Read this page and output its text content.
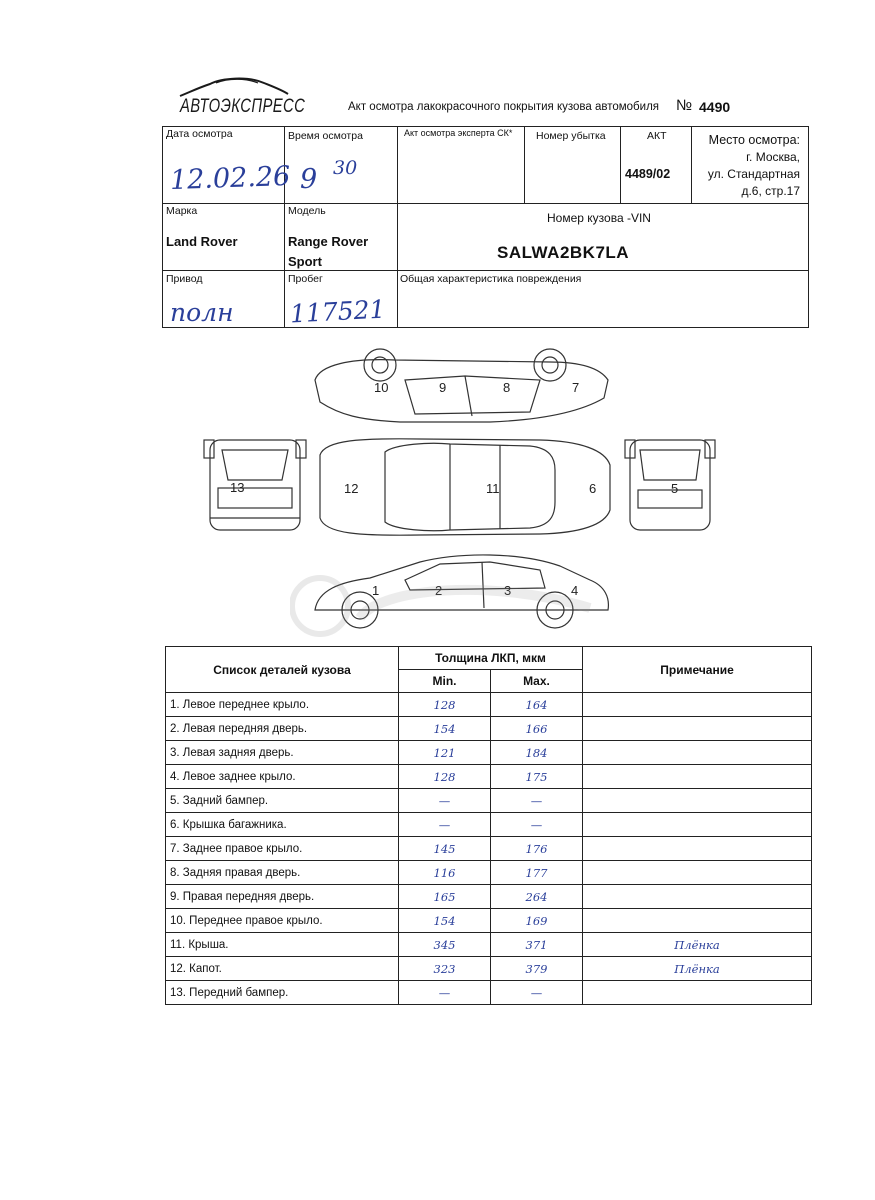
АВТОЭКСПРЕСС	Акт осмотра лакокрасочного покрытия кузова автомобиля № 4490
Дата осмотра
12.02.26
Время осмотра
9 30
Акт осмотра эксперта СК* Номер убытка	АКТ
4489/02
Место осмотра:
г. Москва,
ул. Стандартная
д.6, стр.17
Марка
Land Rover
Модель
Range Rover
Sport
Номер кузова -VIN
SALWA2BK7LA
Привод
полн
Пробег
117521
Общая характеристика повреждения
10	9	8	7
13	12	11	6	5
1	2	3	4
Список деталей кузова	Толщина ЛКП, мкм		Примечание
	Min.	Max.	
1. Левое переднее крыло.	128	164	
2. Левая передняя дверь.	154	166	
3. Левая задняя дверь.	121	184	
4. Левое заднее крыло.	128	175	
5. Задний бампер.	—	—	
6. Крышка багажника.	—	—	
7. Заднее правое крыло.	145	176	
8. Задняя правая дверь.	116	177	
9. Правая передняя дверь.	165	264	
10. Переднее правое крыло.	154	169	
11. Крыша.	345	371	Плёнка
12. Капот.	323	379	Плёнка
13. Передний бампер.	—	—	
